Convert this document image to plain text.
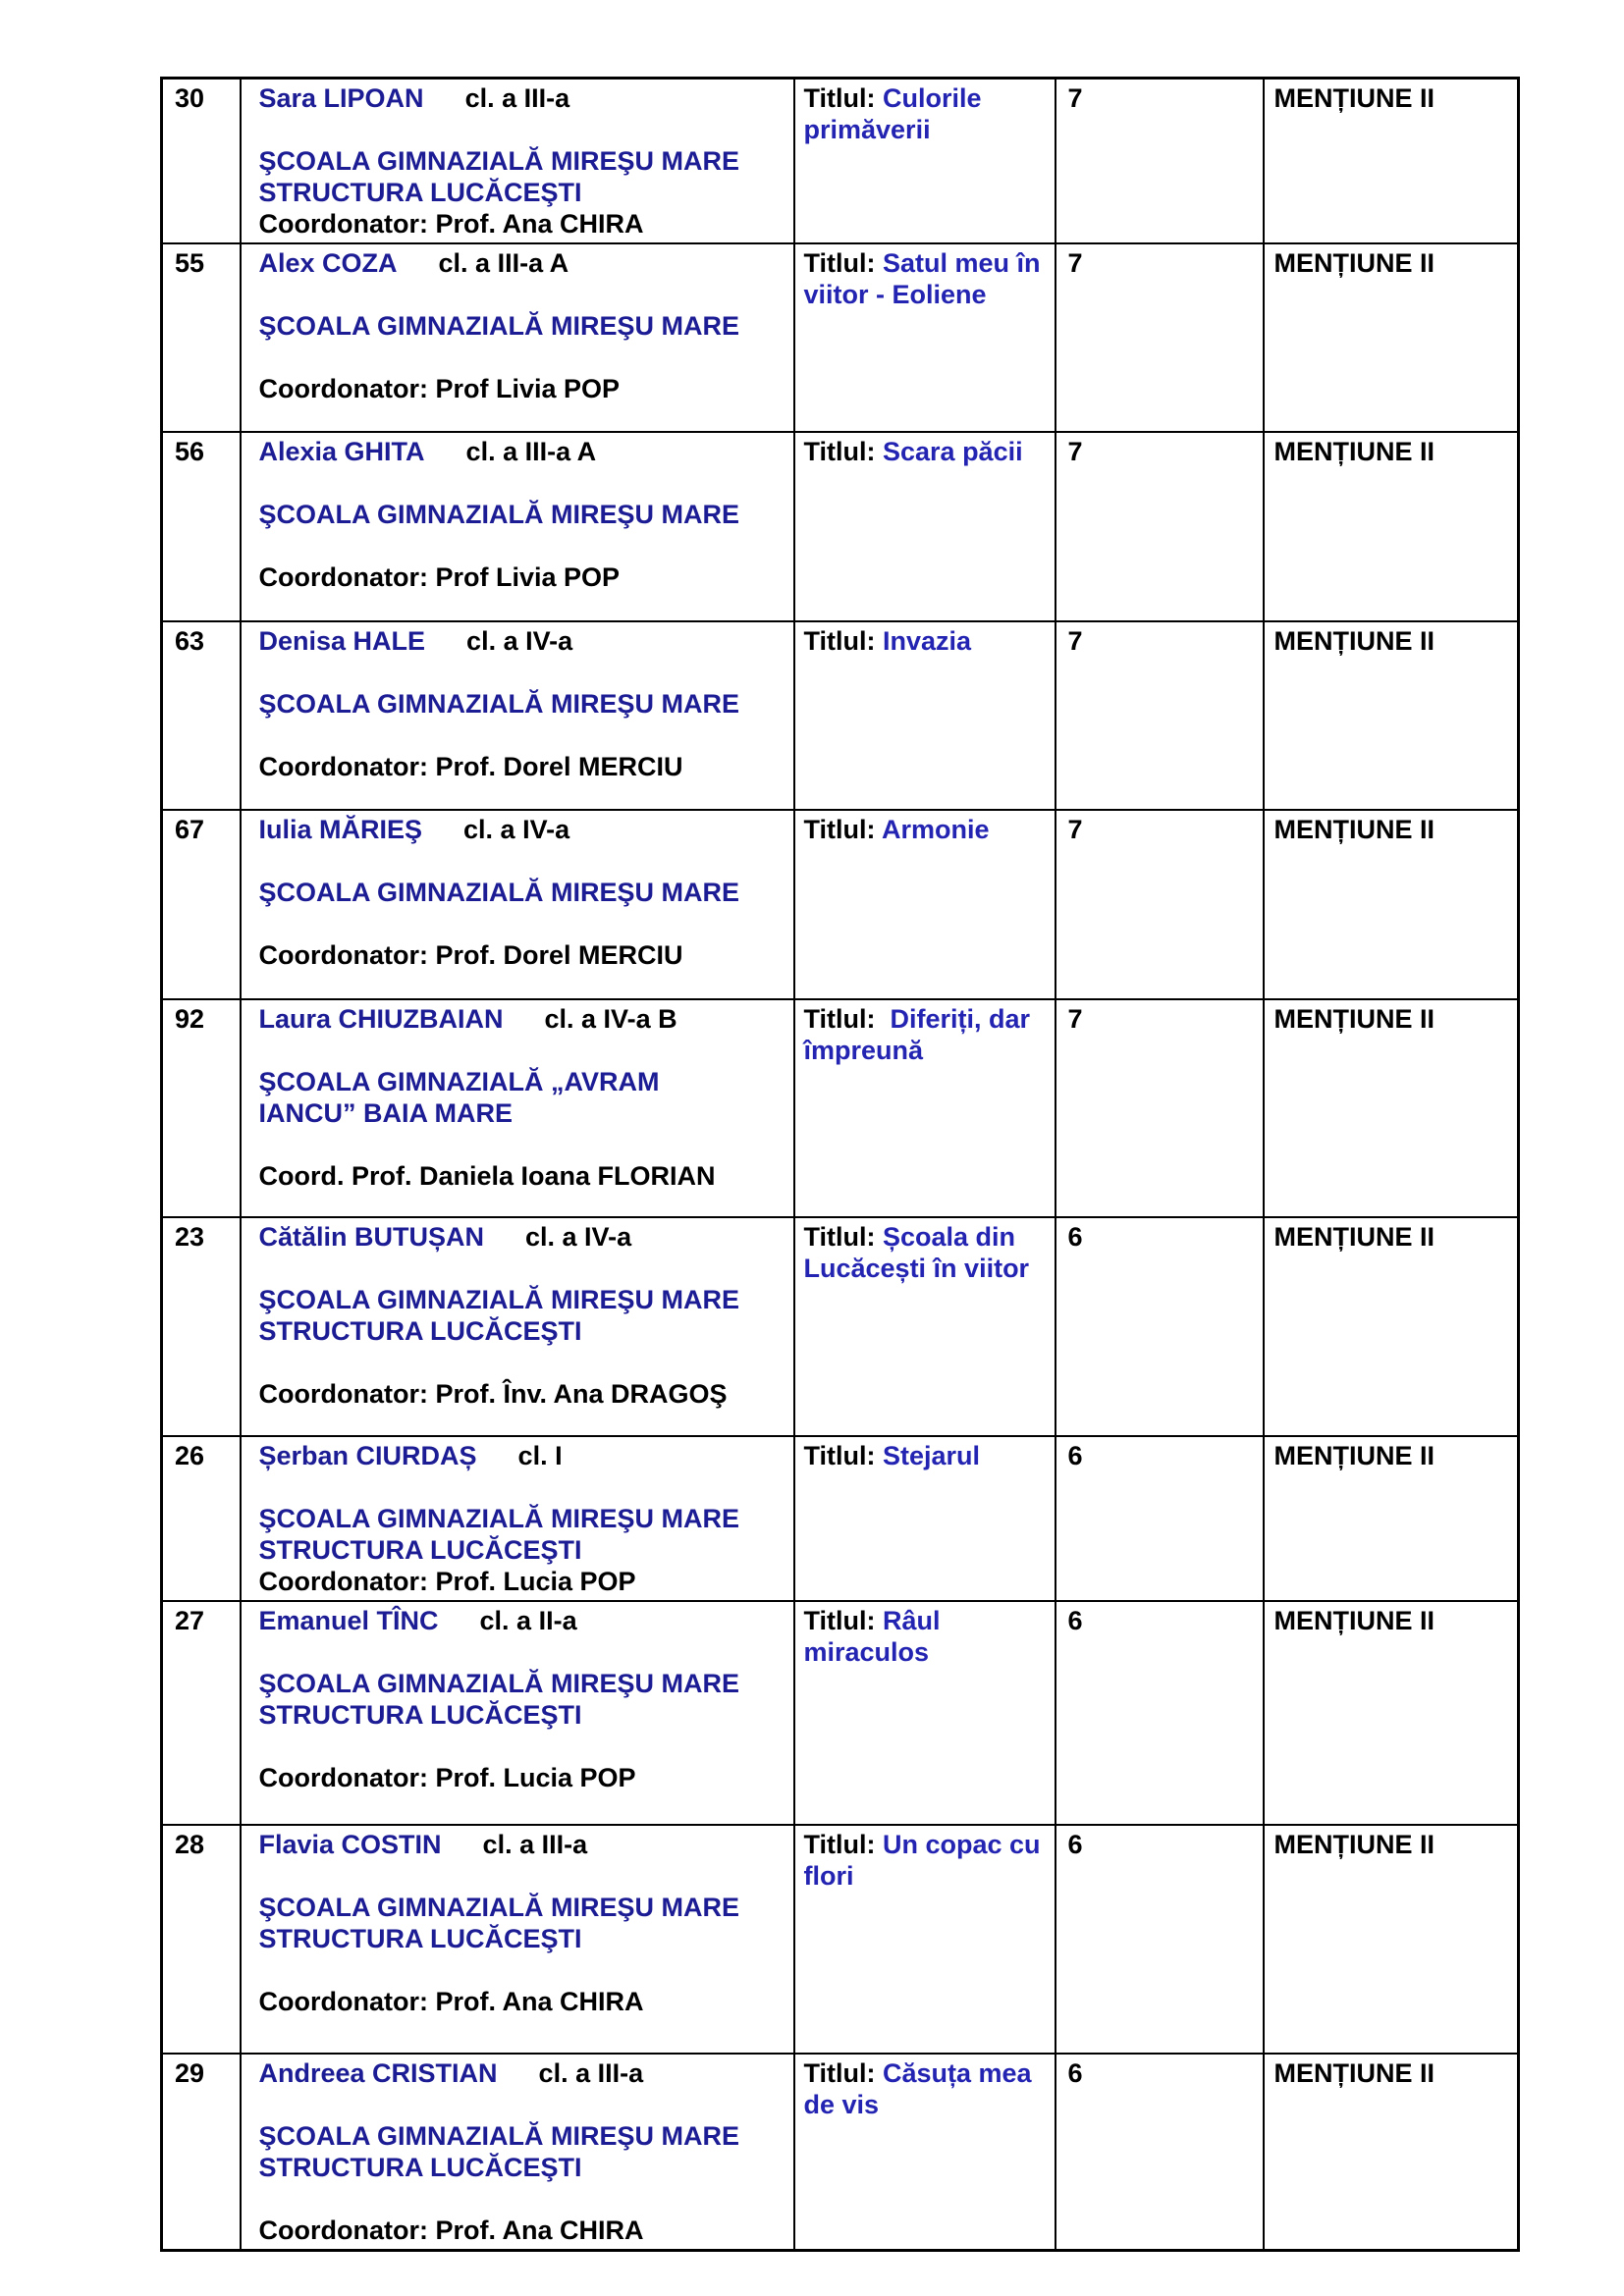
30	Sara LIPOAN cl. a III-a

ŞCOALA GIMNAZIALĂ MIREŞU MARE
STRUCTURA LUCĂCEŞTI
Coordonator: Prof. Ana CHIRA	Titlul: Culorile primăverii	7	MENȚIUNE II

55	Alex COZA cl. a III-a A

ŞCOALA GIMNAZIALĂ MIREŞU MARE

Coordonator: Prof Livia POP	Titlul: Satul meu în viitor - Eoliene	7	MENȚIUNE II

56	Alexia GHITA cl. a III-a A

ŞCOALA GIMNAZIALĂ MIREŞU MARE

Coordonator: Prof Livia POP	Titlul: Scara păcii	7	MENȚIUNE II

63	Denisa HALE cl. a IV-a

ŞCOALA GIMNAZIALĂ MIREŞU MARE

Coordonator: Prof. Dorel MERCIU	Titlul: Invazia	7	MENȚIUNE II

67	Iulia MĂRIEŞ cl. a IV-a

ŞCOALA GIMNAZIALĂ MIREŞU MARE

Coordonator: Prof. Dorel MERCIU	Titlul: Armonie	7	MENȚIUNE II

92	Laura CHIUZBAIAN cl. a IV-a B

ŞCOALA GIMNAZIALĂ „AVRAM
IANCU” BAIA MARE

Coord. Prof. Daniela Ioana FLORIAN	Titlul:  Diferiți, dar împreună	7	MENȚIUNE II

23	Cătălin BUTUȘAN cl. a IV-a

ŞCOALA GIMNAZIALĂ MIREŞU MARE
STRUCTURA LUCĂCEŞTI

Coordonator: Prof. Înv. Ana DRAGOŞ	Titlul: Școala din Lucăcești în viitor	6	MENȚIUNE II

26	Șerban CIURDAȘ cl. I

ŞCOALA GIMNAZIALĂ MIREŞU MARE
STRUCTURA LUCĂCEŞTI
Coordonator: Prof. Lucia POP	Titlul: Stejarul	6	MENȚIUNE II

27	Emanuel TÎNC cl. a II-a

ŞCOALA GIMNAZIALĂ MIREŞU MARE
STRUCTURA LUCĂCEŞTI

Coordonator: Prof. Lucia POP	Titlul: Râul miraculos	6	MENȚIUNE II

28	Flavia COSTIN cl. a III-a

ŞCOALA GIMNAZIALĂ MIREŞU MARE
STRUCTURA LUCĂCEŞTI

Coordonator: Prof. Ana CHIRA	Titlul: Un copac cu flori	6	MENȚIUNE II

29	Andreea CRISTIAN cl. a III-a

ŞCOALA GIMNAZIALĂ MIREŞU MARE
STRUCTURA LUCĂCEŞTI

Coordonator: Prof. Ana CHIRA	Titlul: Căsuța mea de vis	6	MENȚIUNE II
